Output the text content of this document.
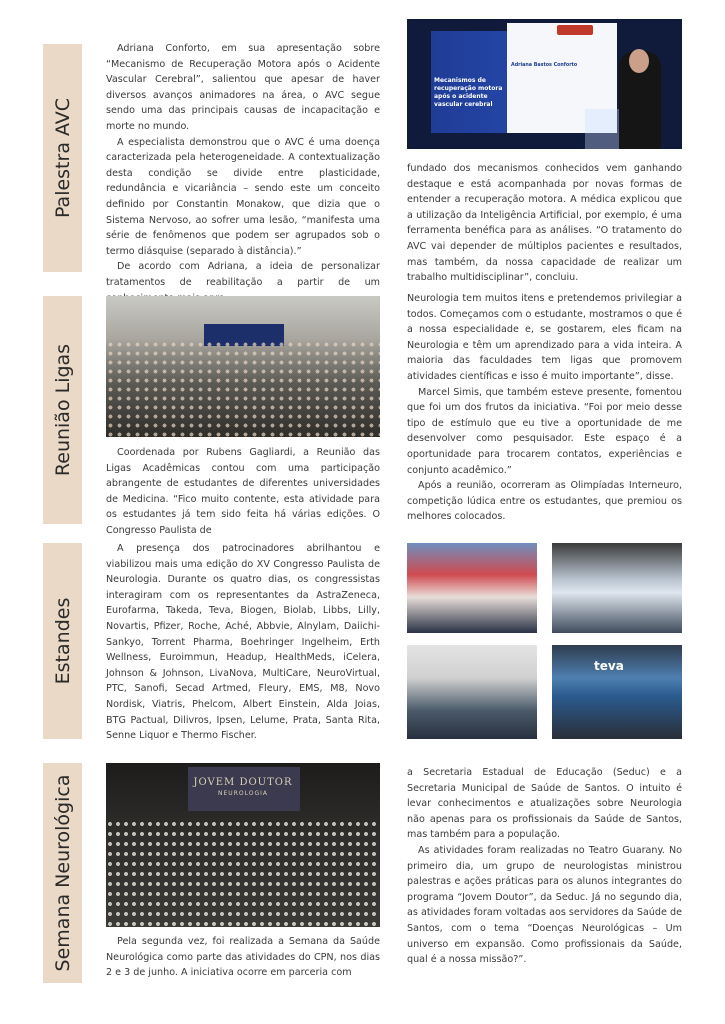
Palestra AVC
Reunião Ligas
Estandes
Semana Neurológica

Adriana Conforto, em sua apresentação sobre “Mecanismo de Recuperação Motora após o Acidente Vascular Cerebral”, salientou que apesar de haver diversos avanços animadores na área, o AVC segue sendo uma das principais causas de incapacitação e morte no mundo.

A especialista demonstrou que o AVC é uma doença caracterizada pela heterogeneidade. A contextualização desta condição se divide entre plasticidade, redundância e vicariância – sendo este um conceito definido por Constantin Monakow, que dizia que o Sistema Nervoso, ao sofrer uma lesão, “manifesta uma série de fenômenos que podem ser agrupados sob o termo diásquise (separado à distância).”

De acordo com Adriana, a ideia de personalizar tratamentos de reabilitação a partir de um

Mecanismos de recuperação motora após o acidente vascular cerebral
Adriana Bastos Conforto

fundado dos mecanismos conhecidos vem ganhando destaque e está acompanhada por novas formas de entender a recuperação motora. A médica explicou que a utilização da Inteligência Artificial, por exemplo, é uma ferramenta benéfica para as análises. “O tratamento do AVC vai depender de múltiplos pacientes e resultados, mas também, da nossa capacidade de realizar um trabalho multidisciplinar”, concluiu.

Coordenada por Rubens Gagliardi, a Reunião das Ligas Acadêmicas contou com uma participação abrangente de estudantes de diferentes universidades de Medicina. “Fico muito contente, esta atividade para os estudantes já tem sido feita há várias edições. O Congresso Paulista de

Neurologia tem muitos itens e pretendemos privilegiar a todos. Começamos com o estudante, mostramos o que é a nossa especialidade e, se gostarem, eles ficam na Neurologia e têm um aprendizado para a vida inteira. A maioria das faculdades tem ligas que promovem atividades científicas e isso é muito importante”, disse.

Marcel Simis, que também esteve presente, fomentou que foi um dos frutos da iniciativa. “Foi por meio desse tipo de estímulo que eu tive a oportunidade de me desenvolver como pesquisador. Este espaço é a oportunidade para trocarem contatos, experiências e conjunto acadêmico.”

Após a reunião, ocorreram as Olimpíadas Interneuro, competição lúdica entre os estudantes, que premiou os melhores colocados.

A presença dos patrocinadores abrilhantou e viabilizou mais uma edição do XV Congresso Paulista de Neurologia. Durante os quatro dias, os congressistas interagiram com os representantes da AstraZeneca, Eurofarma, Takeda, Teva, Biogen, Biolab, Libbs, Lilly, Novartis, Pfizer, Roche, Aché, Abbvie, Alnylam, Daiichi-Sankyo, Torrent Pharma, Boehringer Ingelheim, Erth Wellness, Euroimmun, Headup, HealthMeds, iCelera, Johnson & Johnson, LivaNova, MultiCare, NeuroVirtual, PTC, Sanofi, Secad Artmed, Fleury, EMS, M8, Novo Nordisk, Viatris, Phelcom, Albert Einstein, Alda Joias, BTG Pactual, Dilivros, Ipsen, Lelume, Prata, Santa Rita, Senne Liquor e Thermo Fischer.

teva
JOVEM DOUTOR
NEUROLOGIA

Pela segunda vez, foi realizada a Semana da Saúde Neurológica como parte das atividades do CPN, nos dias 2 e 3 de junho. A iniciativa ocorre em parceria com

a Secretaria Estadual de Educação (Seduc) e a Secretaria Municipal de Saúde de Santos. O intuito é levar conhecimentos e atualizações sobre Neurologia não apenas para os profissionais da Saúde de Santos, mas também para a população.

As atividades foram realizadas no Teatro Guarany. No primeiro dia, um grupo de neurologistas ministrou palestras e ações práticas para os alunos integrantes do programa “Jovem Doutor”, da Seduc. Já no segundo dia, as atividades foram voltadas aos servidores da Saúde de Santos, com o tema “Doenças Neurológicas – Um universo em expansão. Como profissionais da Saúde, qual é a nossa missão?”.
